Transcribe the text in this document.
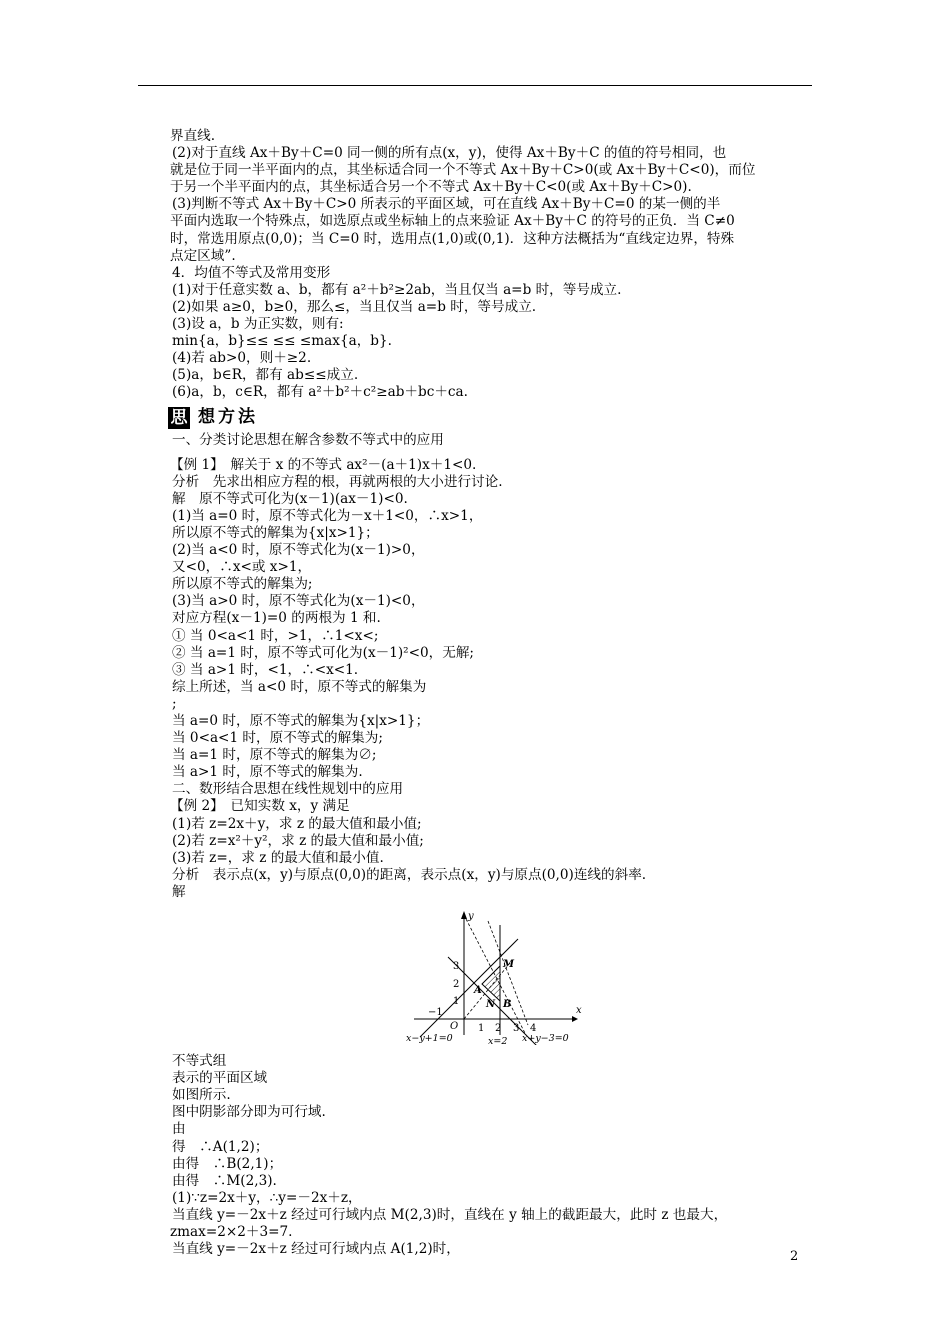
界直线.
(2)对于直线 Ax＋By＋C=0 同一侧的所有点(x，y)，使得 Ax＋By＋C 的值的符号相同，也
就是位于同一半平面内的点，其坐标适合同一个不等式 Ax＋By＋C>0(或 Ax＋By＋C<0)，而位
于另一个半平面内的点，其坐标适合另一个不等式 Ax＋By＋C<0(或 Ax＋By＋C>0).
(3)判断不等式 Ax＋By＋C>0 所表示的平面区域，可在直线 Ax＋By＋C=0 的某一侧的半
平面内选取一个特殊点，如选原点或坐标轴上的点来验证 Ax＋By＋C 的符号的正负．当 C≠0
时，常选用原点(0,0)；当 C=0 时，选用点(1,0)或(0,1)．这种方法概括为“直线定边界，特殊
点定区域”.
4．均值不等式及常用变形
(1)对于任意实数 a、b，都有 a²＋b²≥2ab，当且仅当 a=b 时，等号成立.
(2)如果 a≥0，b≥0，那么≤，当且仅当 a=b 时，等号成立.
(3)设 a，b 为正实数，则有:
min{a，b}≤≤ ≤≤ ≤max{a，b}.
(4)若 ab>0，则＋≥2.
(5)a，b∈R，都有 ab≤≤成立.
(6)a，b，c∈R，都有 a²＋b²＋c²≥ab＋bc＋ca.
思 想方法
一、分类讨论思想在解含参数不等式中的应用
【例 1】　解关于 x 的不等式 ax²－(a＋1)x＋1<0.
分析　先求出相应方程的根，再就两根的大小进行讨论.
解　原不等式可化为(x－1)(ax－1)<0.
(1)当 a=0 时，原不等式化为－x＋1<0，∴x>1，
所以原不等式的解集为{x|x>1}；
(2)当 a<0 时，原不等式化为(x－1)>0，
又<0，∴x<或 x>1，
所以原不等式的解集为;
(3)当 a>0 时，原不等式化为(x－1)<0，
对应方程(x－1)=0 的两根为 1 和.
① 当 0<a<1 时，>1，∴1<x<;
② 当 a=1 时，原不等式可化为(x－1)²<0，无解;
③ 当 a>1 时，<1，∴<x<1.
综上所述，当 a<0 时，原不等式的解集为
;
当 a=0 时，原不等式的解集为{x|x>1}；
当 0<a<1 时，原不等式的解集为;
当 a=1 时，原不等式的解集为∅;
当 a>1 时，原不等式的解集为.
二、数形结合思想在线性规划中的应用
【例 2】　已知实数 x，y 满足
(1)若 z=2x＋y，求 z 的最大值和最小值;
(2)若 z=x²＋y²，求 z 的最大值和最小值;
(3)若 z=，求 z 的最大值和最小值.
分析　表示点(x，y)与原点(0,0)的距离，表示点(x，y)与原点(0,0)连线的斜率.
解
y
x
O
3
2
1
−1
1 2 3 4
M
A
N B
x−y+1=0	x=2 x+y−3=0
不等式组
表示的平面区域
如图所示.
图中阴影部分即为可行域.
由
得　∴A(1,2)；
由得　∴B(2,1)；
由得　∴M(2,3).
(1)∵z=2x＋y，∴y=－2x＋z，
当直线 y=－2x＋z 经过可行域内点 M(2,3)时，直线在 y 轴上的截距最大，此时 z 也最大，
zmax=2×2＋3=7.
当直线 y=－2x＋z 经过可行域内点 A(1,2)时，	2
